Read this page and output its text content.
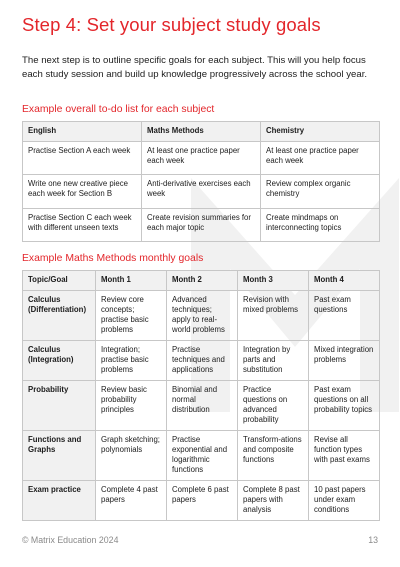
Step 4: Set your subject study goals

The next step is to outline specific goals for each subject. This will you help focus each study session and build up knowledge progressively across the school year.

Example overall to-do list for each subject
English	Maths Methods	Chemistry
Practise Section A each week	At least one practice paper each week	At least one practice paper each week
Write one new creative piece each week for Section B	Anti-derivative exercises each week	Review complex organic chemistry
Practise Section C each week with different unseen texts	Create revision summaries for each major topic	Create mindmaps on interconnecting topics
Example Maths Methods monthly goals
Topic/Goal	Month 1	Month 2	Month 3	Month 4
Calculus (Differentiation)	Review core concepts; practise basic problems	Advanced techniques; apply to real-world problems	Revision with mixed problems	Past exam questions
Calculus (Integration)	Integration; practise basic problems	Practise techniques and applications	Integration by parts and substitution	Mixed integration problems
Probability	Review basic probability principles	Binomial and normal distribution	Practice questions on advanced probability	Past exam questions on all probability topics
Functions and Graphs	Graph sketching; polynomials	Practise exponential and logarithmic functions	Transform-ations and composite functions	Revise all function types with past exams
Exam practice	Complete 4 past papers	Complete 6 past papers	Complete 8 past papers with analysis	10 past papers under exam conditions
© Matrix Education 2024	13
